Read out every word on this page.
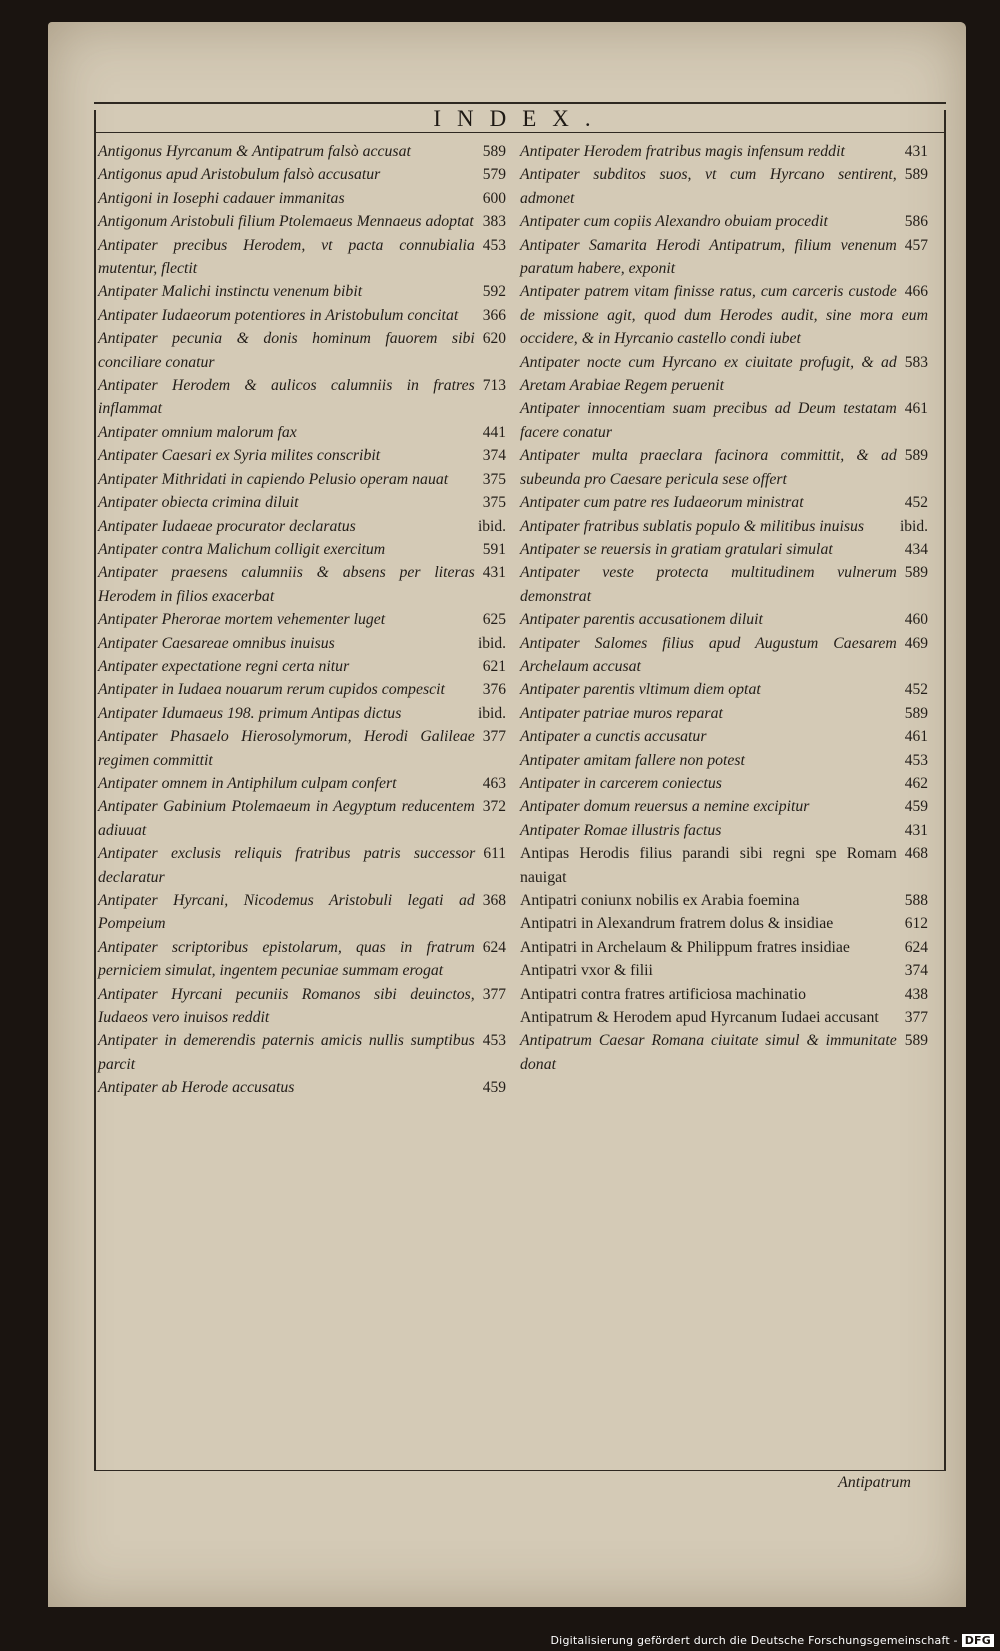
INDEX.

589
Antigonus Hyrcanum & Antipatrum falsò accusat

579
Antigonus apud Aristobulum falsò accusatur

600
Antigoni in Iosephi cadauer immanitas

383
Antigonum Aristobuli filium Ptolemaeus Mennaeus adoptat

453
Antipater precibus Herodem, vt pacta connubialia mutentur, flectit

592
Antipater Malichi instinctu venenum bibit

366
Antipater Iudaeorum potentiores in Aristobulum concitat

620
Antipater pecunia & donis hominum fauorem sibi conciliare conatur

713
Antipater Herodem & aulicos calumniis in fratres inflammat

441
Antipater omnium malorum fax

374
Antipater Caesari ex Syria milites conscribit

375
Antipater Mithridati in capiendo Pelusio operam nauat

375
Antipater obiecta crimina diluit

ibid.
Antipater Iudaeae procurator declaratus

591
Antipater contra Malichum colligit exercitum

431
Antipater praesens calumniis & absens per literas Herodem in filios exacerbat

625
Antipater Pherorae mortem vehementer luget

ibid.
Antipater Caesareae omnibus inuisus

621
Antipater expectatione regni certa nitur

376
Antipater in Iudaea nouarum rerum cupidos compescit

ibid.
Antipater Idumaeus 198. primum Antipas dictus

377
Antipater Phasaelo Hierosolymorum, Herodi Galileae regimen committit

463
Antipater omnem in Antiphilum culpam confert

372
Antipater Gabinium Ptolemaeum in Aegyptum reducentem adiuuat

611
Antipater exclusis reliquis fratribus patris successor declaratur

368
Antipater Hyrcani, Nicodemus Aristobuli legati ad Pompeium

624
Antipater scriptoribus epistolarum, quas in fratrum perniciem simulat, ingentem pecuniae summam erogat

377
Antipater Hyrcani pecuniis Romanos sibi deuinctos, Iudaeos vero inuisos reddit

453
Antipater in demerendis paternis amicis nullis sumptibus parcit

459
Antipater ab Herode accusatus

431
Antipater Herodem fratribus magis infensum reddit

589
Antipater subditos suos, vt cum Hyrcano sentirent, admonet

586
Antipater cum copiis Alexandro obuiam procedit

457
Antipater Samarita Herodi Antipatrum, filium venenum paratum habere, exponit

466
Antipater patrem vitam finisse ratus, cum carceris custode de missione agit, quod dum Herodes audit, sine mora eum occidere, & in Hyrcanio castello condi iubet

583
Antipater nocte cum Hyrcano ex ciuitate profugit, & ad Aretam Arabiae Regem peruenit

461
Antipater innocentiam suam precibus ad Deum testatam facere conatur

589
Antipater multa praeclara facinora committit, & ad subeunda pro Caesare pericula sese offert

452
Antipater cum patre res Iudaeorum ministrat

ibid.
Antipater fratribus sublatis populo & militibus inuisus

434
Antipater se reuersis in gratiam gratulari simulat

589
Antipater veste protecta multitudinem vulnerum demonstrat

460
Antipater parentis accusationem diluit

469
Antipater Salomes filius apud Augustum Caesarem Archelaum accusat

452
Antipater parentis vltimum diem optat

589
Antipater patriae muros reparat

461
Antipater a cunctis accusatur

453
Antipater amitam fallere non potest

462
Antipater in carcerem coniectus

459
Antipater domum reuersus a nemine excipitur

431
Antipater Romae illustris factus

468
Antipas Herodis filius parandi sibi regni spe Romam nauigat

588
Antipatri coniunx nobilis ex Arabia foemina

612
Antipatri in Alexandrum fratrem dolus & insidiae

624
Antipatri in Archelaum & Philippum fratres insidiae

374
Antipatri vxor & filii

438
Antipatri contra fratres artificiosa machinatio

377
Antipatrum & Herodem apud Hyrcanum Iudaei accusant

589
Antipatrum Caesar Romana ciuitate simul & immunitate donat

Antipatrum
Digitalisierung gefördert durch die Deutsche Forschungsgemeinschaft - DFG
